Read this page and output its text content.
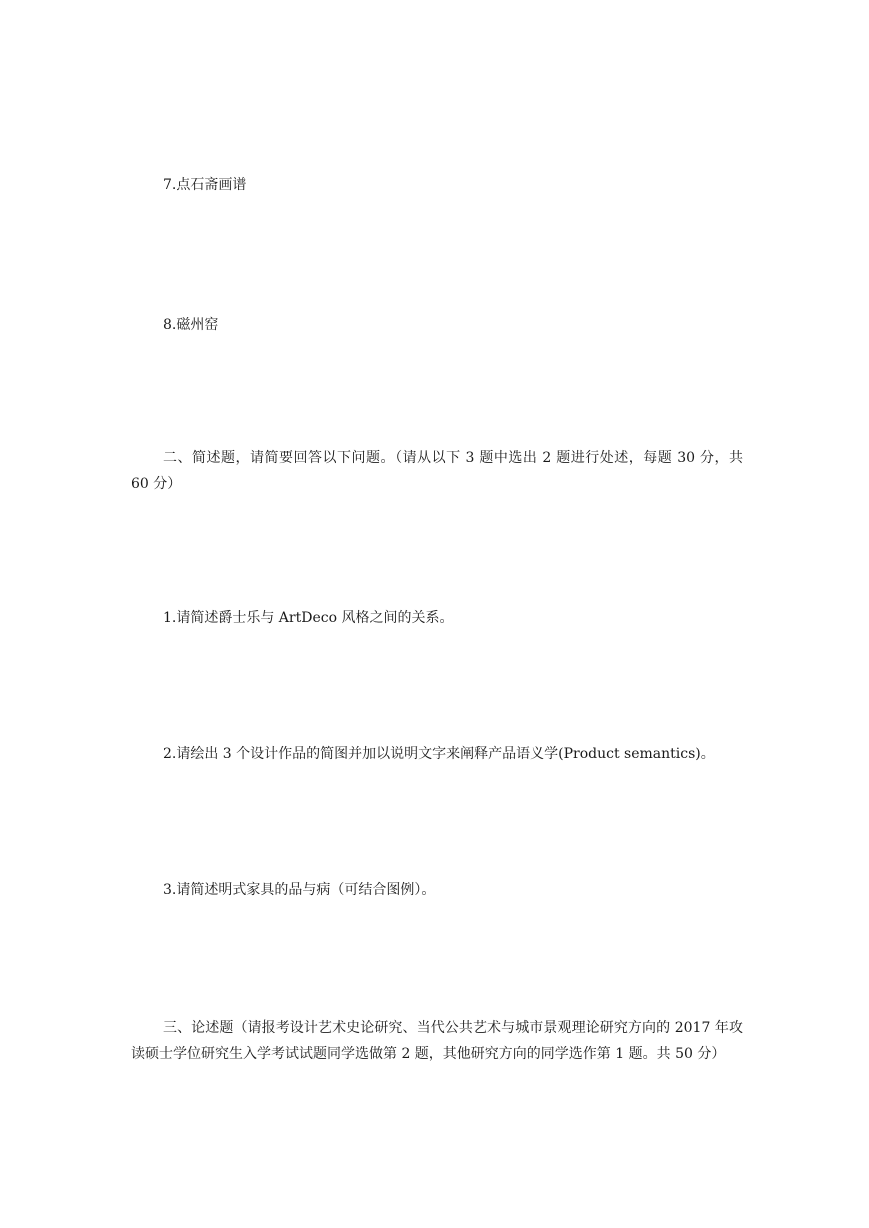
7.点石斋画谱
8.磁州窑
二、简述题，请简要回答以下问题。（请从以下 3 题中选出 2 题进行处述，每题 30 分，共 60 分）
1.请简述爵士乐与 ArtDeco 风格之间的关系。
2.请绘出 3 个设计作品的简图并加以说明文字来阐释产品语义学(Product semantics)。
3.请简述明式家具的品与病（可结合图例）。
三、论述题（请报考设计艺术史论研究、当代公共艺术与城市景观理论研究方向的 2017 年攻读硕士学位研究生入学考试试题同学选做第 2 题，其他研究方向的同学选作第 1 题。共 50 分）
